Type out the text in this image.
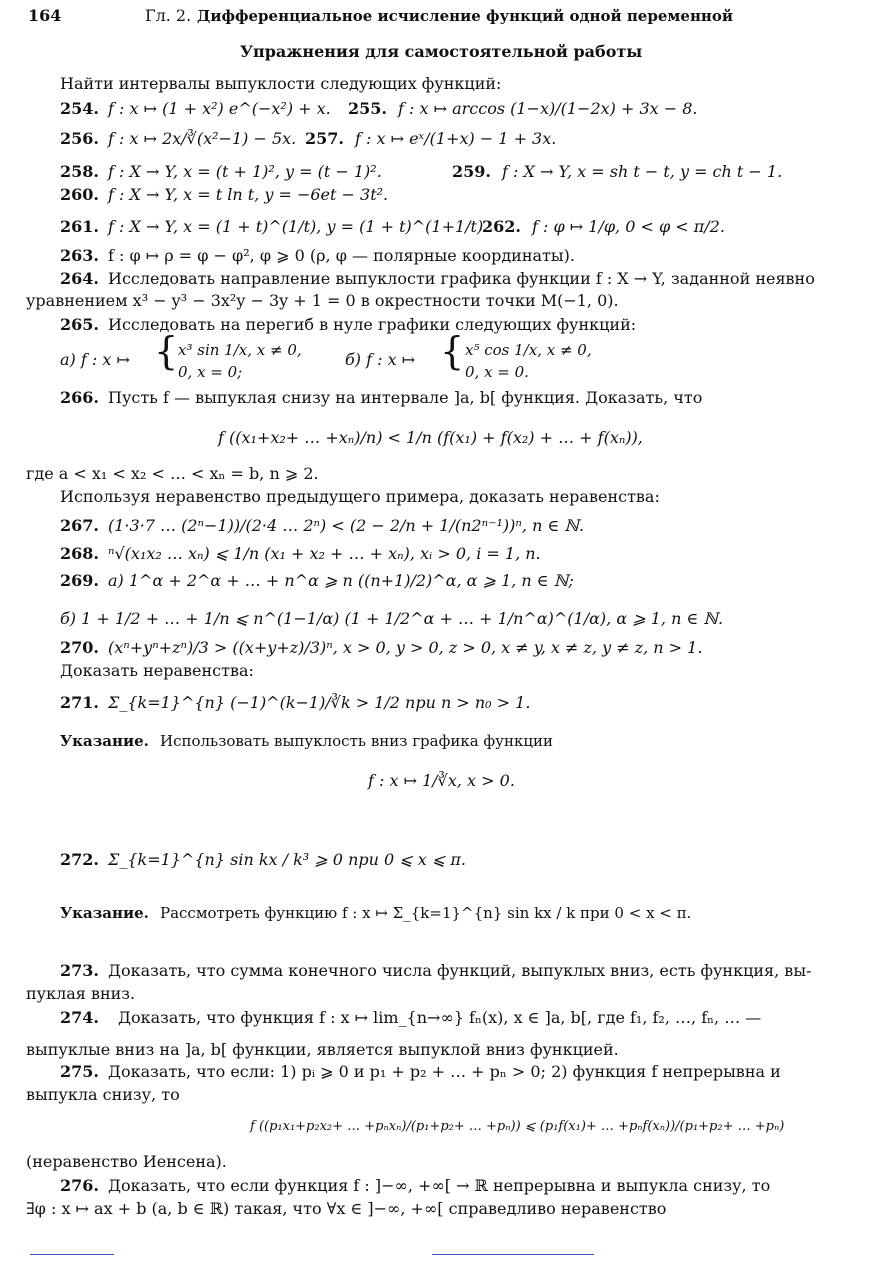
164	Гл. 2. Дифференциальное исчисление функций одной переменной
Упражнения для самостоятельной работы
Найти интервалы выпуклости следующих функций:
254. f : x ↦ (1 + x²) e^(−x²) + x. 255. f : x ↦ arccos (1−x)/(1−2x) + 3x − 8.
256. f : x ↦ 2x/∛(x²−1) − 5x. 257. f : x ↦ eˣ/(1+x) − 1 + 3x.
258. f : X → Y, x = (t + 1)², y = (t − 1)².	259. f : X → Y, x = sh t − t, y = ch t − 1.
260. f : X → Y, x = t ln t, y = −6et − 3t².
261. f : X → Y, x = (1 + t)^(1/t), y = (1 + t)^(1+1/t).
262. f : φ ↦ 1/φ, 0 < φ < π/2.
263. f : φ ↦ ρ = φ − φ², φ ⩾ 0 (ρ, φ — полярные координаты).
264. Исследовать направление выпуклости графика функции f : X → Y, заданной неявно
уравнением x³ − y³ − 3x²y − 3y + 1 = 0 в окрестности точки M(−1, 0).
265. Исследовать на перегиб в нуле графики следующих функций:
а) f : x ↦ { x³ sin 1/x, x ≠ 0,
0, x = 0;
б) f : x ↦ { x⁵ cos 1/x, x ≠ 0,
0, x = 0.
266. Пусть f — выпуклая снизу на интервале ]a, b[ функция. Доказать, что
f ((x₁+x₂+ … +xₙ)/n) < 1/n (f(x₁) + f(x₂) + … + f(xₙ)),
где a < x₁ < x₂ < … < xₙ = b, n ⩾ 2.
Используя неравенство предыдущего примера, доказать неравенства:
267. (1·3·7 … (2ⁿ−1))/(2·4 … 2ⁿ) < (2 − 2/n + 1/(n2ⁿ⁻¹))ⁿ, n ∈ ℕ.
268. ⁿ√(x₁x₂ … xₙ) ⩽ 1/n (x₁ + x₂ + … + xₙ), xᵢ > 0, i = 1, n.
269. а) 1^α + 2^α + … + n^α ⩾ n ((n+1)/2)^α, α ⩾ 1, n ∈ ℕ;
б) 1 + 1/2 + … + 1/n ⩽ n^(1−1/α) (1 + 1/2^α + … + 1/n^α)^(1/α), α ⩾ 1, n ∈ ℕ.
270. (xⁿ+yⁿ+zⁿ)/3 > ((x+y+z)/3)ⁿ, x > 0, y > 0, z > 0, x ≠ y, x ≠ z, y ≠ z, n > 1.
Доказать неравенства:
271. Σ_{k=1}^{n} (−1)^(k−1)/∛k > 1/2 при n > n₀ > 1.
Указание. Использовать выпуклость вниз графика функции
f : x ↦ 1/∛x, x > 0.
272. Σ_{k=1}^{n} sin kx / k³ ⩾ 0 при 0 ⩽ x ⩽ π.
Указание. Рассмотреть функцию f : x ↦ Σ_{k=1}^{n} sin kx / k при 0 < x < π.
273. Доказать, что сумма конечного числа функций, выпуклых вниз, есть функция, вы-
пуклая вниз.
274. Доказать, что функция f : x ↦ lim_{n→∞} fₙ(x), x ∈ ]a, b[, где f₁, f₂, …, fₙ, … —
выпуклые вниз на ]a, b[ функции, является выпуклой вниз функцией.
275. Доказать, что если: 1) pᵢ ⩾ 0 и p₁ + p₂ + … + pₙ > 0; 2) функция f непрерывна и
выпукла снизу, то
f ((p₁x₁+p₂x₂+ … +pₙxₙ)/(p₁+p₂+ … +pₙ)) ⩽ (p₁f(x₁)+ … +pₙf(xₙ))/(p₁+p₂+ … +pₙ)
(неравенство Иенсена).
276. Доказать, что если функция f : ]−∞, +∞[ → ℝ непрерывна и выпукла снизу, то
∃φ : x ↦ ax + b (a, b ∈ ℝ) такая, что ∀x ∈ ]−∞, +∞[ справедливо неравенство
